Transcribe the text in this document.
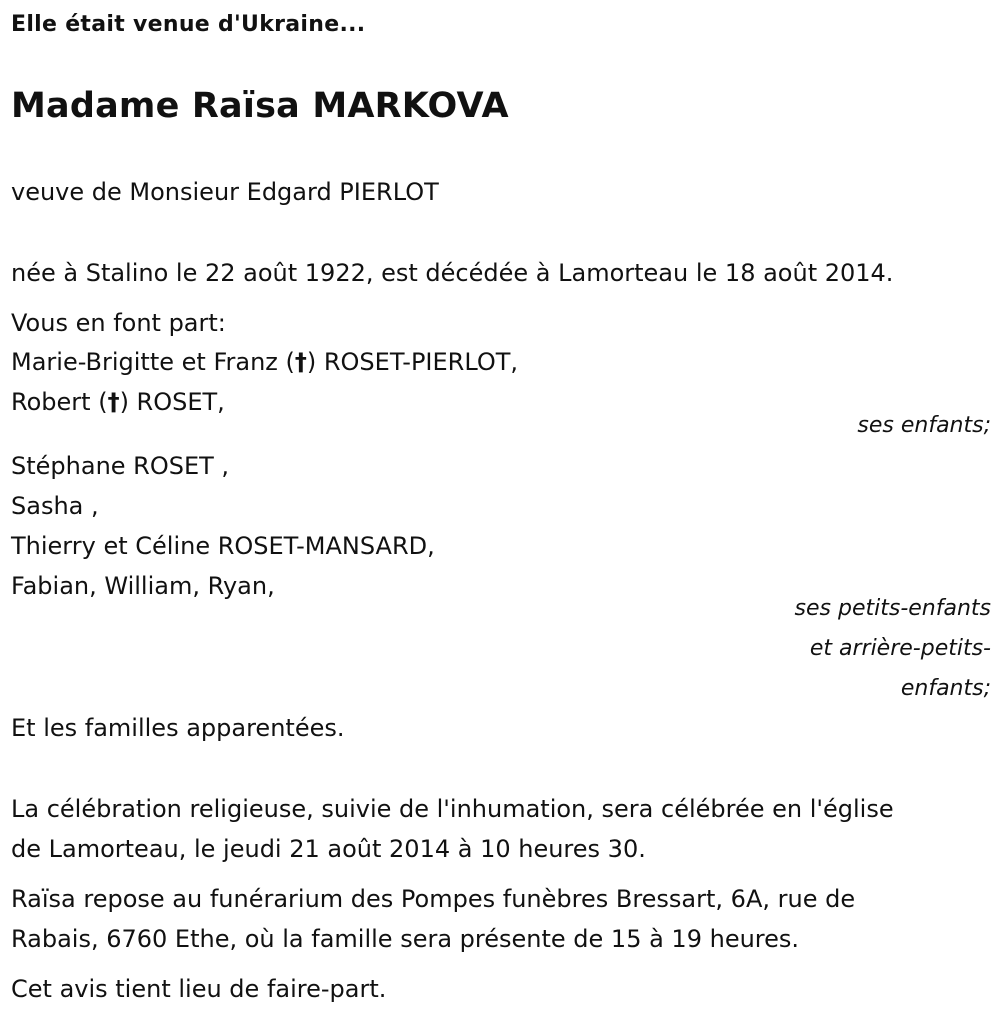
Elle était venue d'Ukraine...
Madame Raïsa MARKOVA
veuve de Monsieur Edgard PIERLOT
née à Stalino le 22 août 1922, est décédée à Lamorteau le 18 août 2014.
Vous en font part:
Marie-Brigitte et Franz (†) ROSET-PIERLOT,
Robert (†) ROSET,
ses enfants;
Stéphane ROSET ,
Sasha ,
Thierry et Céline ROSET-MANSARD,
Fabian, William, Ryan,
ses petits-enfants
et arrière-petits-
enfants;
Et les familles apparentées.
La célébration religieuse, suivie de l'inhumation, sera célébrée en l'église
de Lamorteau, le jeudi 21 août 2014 à 10 heures 30.
Raïsa repose au funérarium des Pompes funèbres Bressart, 6A, rue de
Rabais, 6760 Ethe, où la famille sera présente de 15 à 19 heures.
Cet avis tient lieu de faire-part.
